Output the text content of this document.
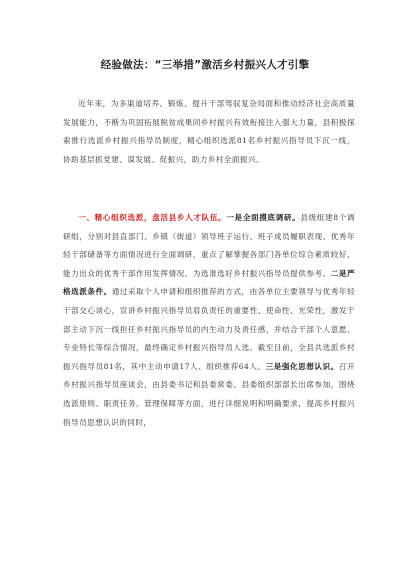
经验做法：“三举措”激活乡村振兴人才引擎
近年来，为多渠道培养、锻炼、提升干部驾驭复杂局面和推动经济社会高质量发展能力，不断为巩固拓展脱贫成果同乡村振兴有效衔接注入强大力量，县积极探索推行选派乡村振兴指导员制度，精心组织选派81名乡村振兴指导员下沉一线，协助基层抓党建、谋发展、促振兴，助力乡村全面振兴。
一、精心组织选派，盘活县乡人才队伍。一是全面摸底调研。县级组建8个调研组，分别对县直部门、乡镇（街道）领导班子运行、班子成员履职表现、优秀年轻干部储备等方面情况进行全面调研，重点了解掌握各部门各单位综合素质较好、能力出众的优秀干部作用发挥情况，为选准选好乡村振兴指导员提供参考。二是严格选派条件。通过采取个人申请和组织推荐的方式，由各单位主要领导与优秀年轻干部交心谈心，宣讲乡村振兴指导员肩负责任的重要性、使命性、光荣性，激发干部主动下沉一线担任乡村振兴指导员的内生动力及责任感，并结合干部个人意愿、专业特长等综合情况，最终确定乡村振兴指导员人选。截至目前，全县共选派乡村振兴指导员81名，其中主动申请17人、组织推荐64人。三是强化思想认识。召开乡村振兴指导员座谈会，由县委书记和县委常委、县委组织部部长出席参加，围绕选派原则、职责任务、管理保障等方面，进行详细说明和明确要求，提高乡村振兴指导员思想认识的同时，
